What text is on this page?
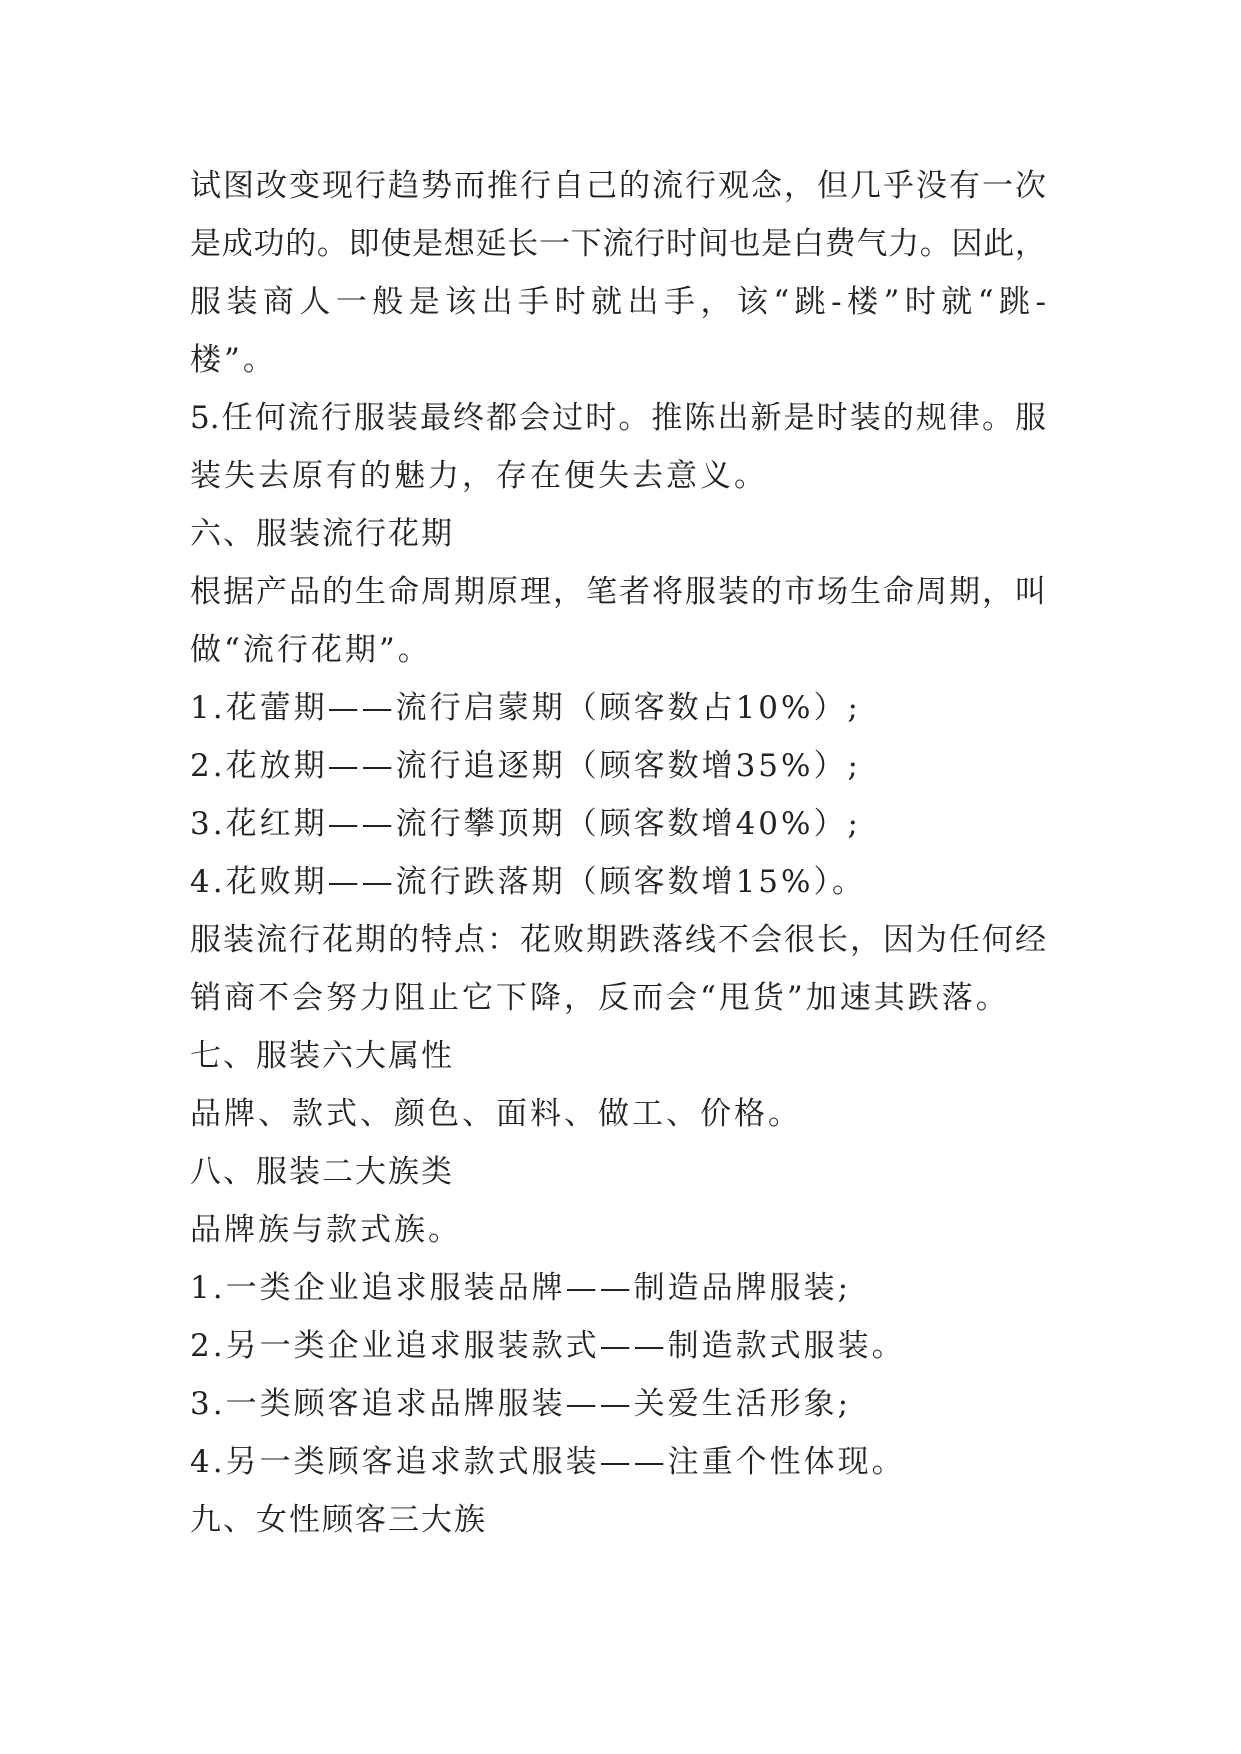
试图改变现行趋势而推行自己的流行观念，但几乎没有一次
是成功的。即使是想延长一下流行时间也是白费气力。因此，
服装商人一般是该出手时就出手，该“跳-楼”时就“跳-
楼”。
5.任何流行服装最终都会过时。推陈出新是时装的规律。服
装失去原有的魅力，存在便失去意义。
六、服装流行花期
根据产品的生命周期原理，笔者将服装的市场生命周期，叫
做“流行花期”。
1.花蕾期——流行启蒙期（顾客数占10%）;
2.花放期——流行追逐期（顾客数增35%）;
3.花红期——流行攀顶期（顾客数增40%）;
4.花败期——流行跌落期（顾客数增15%）。
服装流行花期的特点：花败期跌落线不会很长，因为任何经
销商不会努力阻止它下降，反而会“甩货”加速其跌落。
七、服装六大属性
品牌、款式、颜色、面料、做工、价格。
八、服装二大族类
品牌族与款式族。
1.一类企业追求服装品牌——制造品牌服装;
2.另一类企业追求服装款式——制造款式服装。
3.一类顾客追求品牌服装——关爱生活形象;
4.另一类顾客追求款式服装——注重个性体现。
九、女性顾客三大族
